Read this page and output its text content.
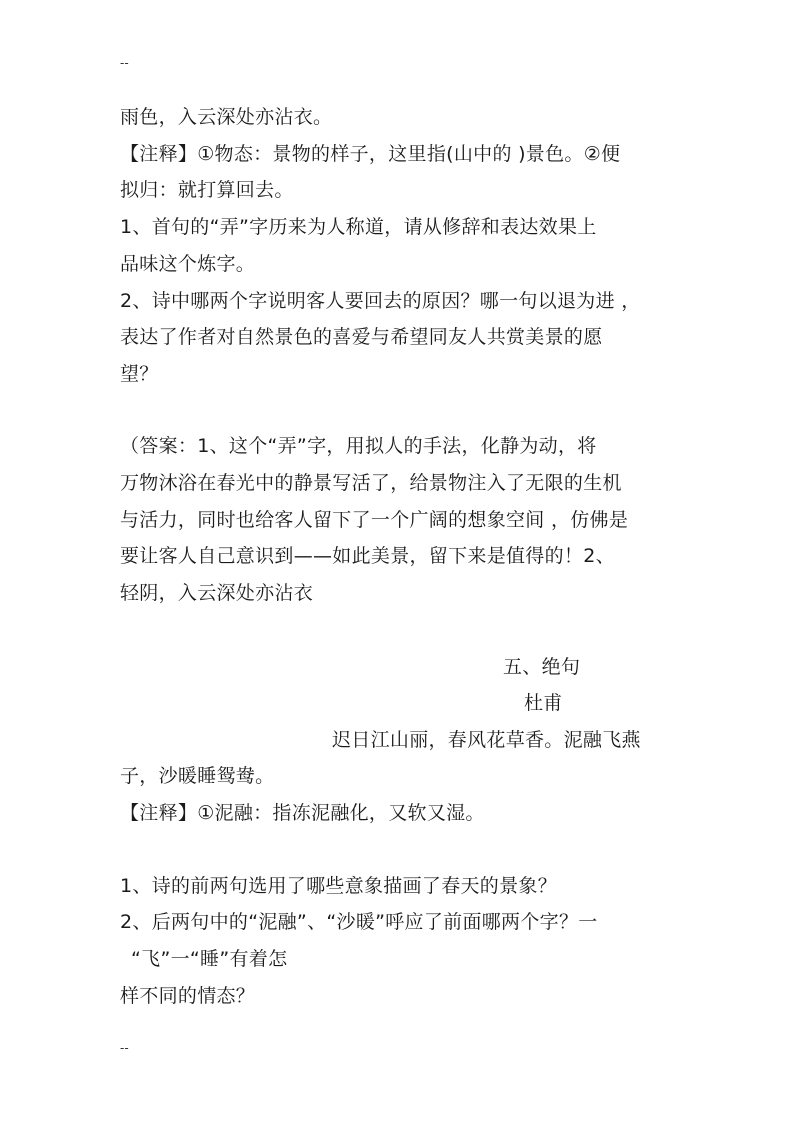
--
雨色，入云深处亦沾衣。
【注释】①物态：景物的样子，这里指(山中的 )景色。②便
拟归：就打算回去。
1、首句的“弄”字历来为人称道，请从修辞和表达效果上
品味这个炼字。
2、诗中哪两个字说明客人要回去的原因？哪一句以退为进 ，
表达了作者对自然景色的喜爱与希望同友人共赏美景的愿
望？
（答案：1、这个“弄”字，用拟人的手法，化静为动，将
万物沐浴在春光中的静景写活了，给景物注入了无限的生机
与活力，同时也给客人留下了一个广阔的想象空间 ，仿佛是
要让客人自己意识到——如此美景，留下来是值得的！2、
轻阴，入云深处亦沾衣
五、绝句
杜甫
迟日江山丽，春风花草香。泥融飞燕
子，沙暖睡鸳鸯。
【注释】①泥融：指冻泥融化，又软又湿。
1、诗的前两句选用了哪些意象描画了春天的景象？
2、后两句中的“泥融”、“沙暖”呼应了前面哪两个字？一
“飞”一“睡”有着怎
样不同的情态？
--
